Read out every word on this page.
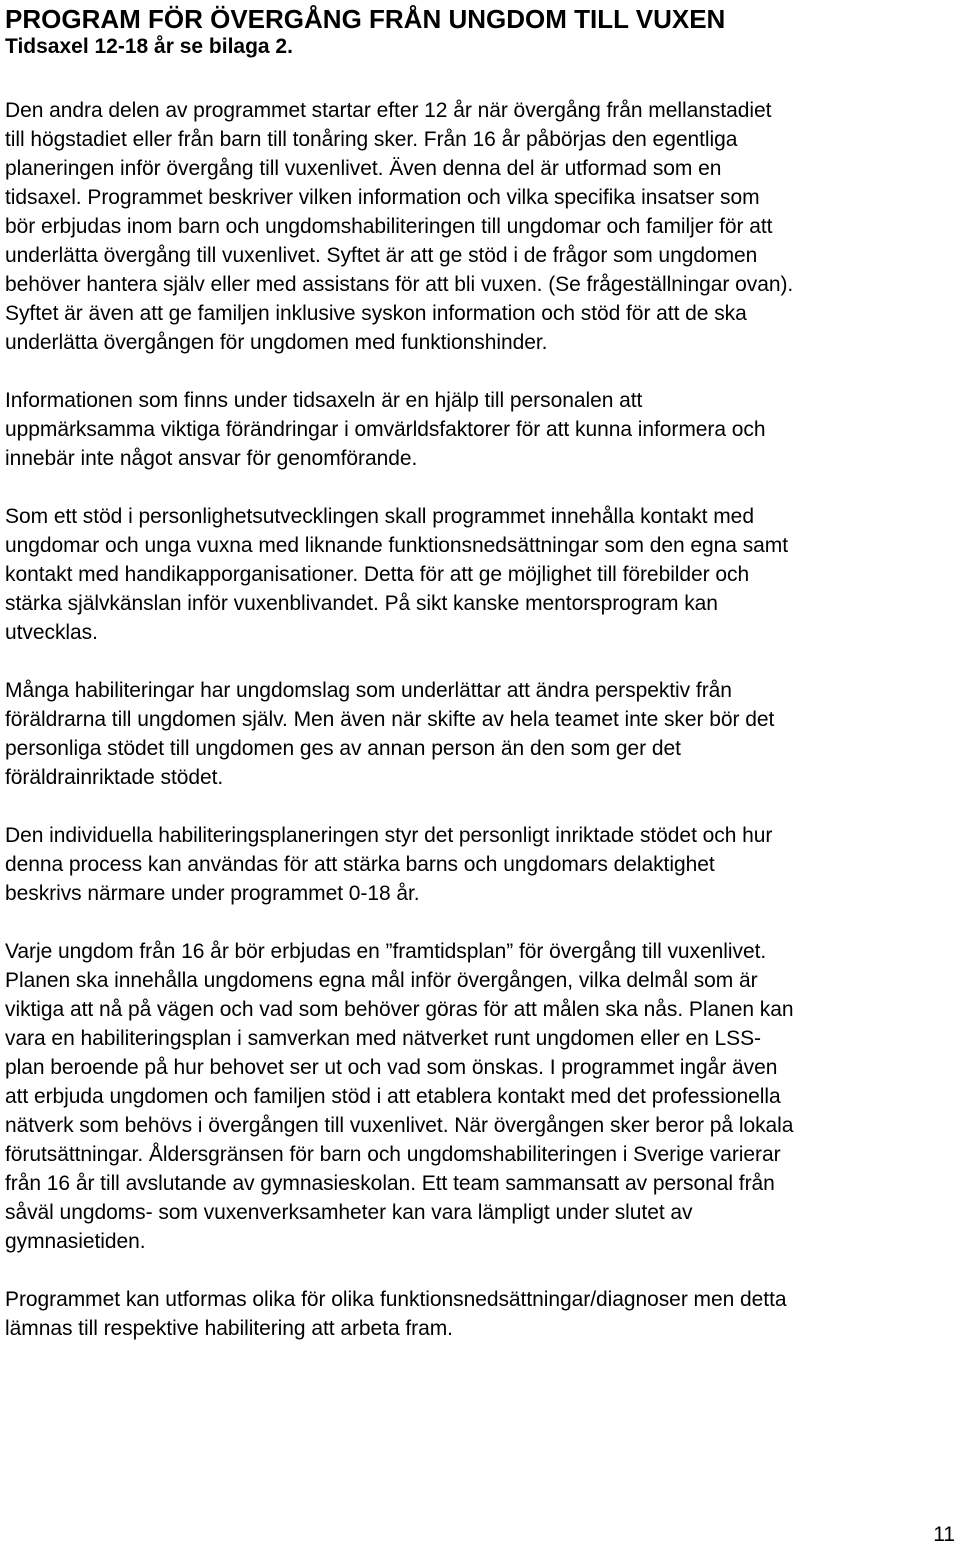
PROGRAM FÖR ÖVERGÅNG FRÅN UNGDOM TILL VUXEN
Tidsaxel 12-18 år se bilaga 2.

Den andra delen av programmet startar efter 12 år när övergång från mellanstadiet
till högstadiet eller från barn till tonåring sker. Från 16 år påbörjas den egentliga
planeringen inför övergång till vuxenlivet. Även denna del är utformad som en
tidsaxel. Programmet beskriver vilken information och vilka specifika insatser som
bör erbjudas inom barn och ungdomshabiliteringen till ungdomar och familjer för att
underlätta övergång till vuxenlivet. Syftet är att ge stöd i de frågor som ungdomen
behöver hantera själv eller med assistans för att bli vuxen. (Se frågeställningar ovan).
Syftet är även att ge familjen inklusive syskon information och stöd för att de ska
underlätta övergången för ungdomen med funktionshinder.

Informationen som finns under tidsaxeln är en hjälp till personalen att
uppmärksamma viktiga förändringar i omvärldsfaktorer för att kunna informera och
innebär inte något ansvar för genomförande.

Som ett stöd i personlighetsutvecklingen skall programmet innehålla kontakt med
ungdomar och unga vuxna med liknande funktionsnedsättningar som den egna samt
kontakt med handikapporganisationer. Detta för att ge möjlighet till förebilder och
stärka självkänslan inför vuxenblivandet. På sikt kanske mentorsprogram kan
utvecklas.

Många habiliteringar har ungdomslag som underlättar att ändra perspektiv från
föräldrarna till ungdomen själv. Men även när skifte av hela teamet inte sker bör det
personliga stödet till ungdomen ges av annan person än den som ger det
föräldrainriktade stödet.

Den individuella habiliteringsplaneringen styr det personligt inriktade stödet och hur
denna process kan användas för att stärka barns och ungdomars delaktighet
beskrivs närmare under programmet 0-18 år.

Varje ungdom från 16 år bör erbjudas en ”framtidsplan” för övergång till vuxenlivet.
Planen ska innehålla ungdomens egna mål inför övergången, vilka delmål som är
viktiga att nå på vägen och vad som behöver göras för att målen ska nås. Planen kan
vara en habiliteringsplan i samverkan med nätverket runt ungdomen eller en LSS-
plan beroende på hur behovet ser ut och vad som önskas. I programmet ingår även
att erbjuda ungdomen och familjen stöd i att etablera kontakt med det professionella
nätverk som behövs i övergången till vuxenlivet. När övergången sker beror på lokala
förutsättningar. Åldersgränsen för barn och ungdomshabiliteringen i Sverige varierar
från 16 år till avslutande av gymnasieskolan. Ett team sammansatt av personal från
såväl ungdoms- som vuxenverksamheter kan vara lämpligt under slutet av
gymnasietiden.

Programmet kan utformas olika för olika funktionsnedsättningar/diagnoser men detta
lämnas till respektive habilitering att arbeta fram.

11
